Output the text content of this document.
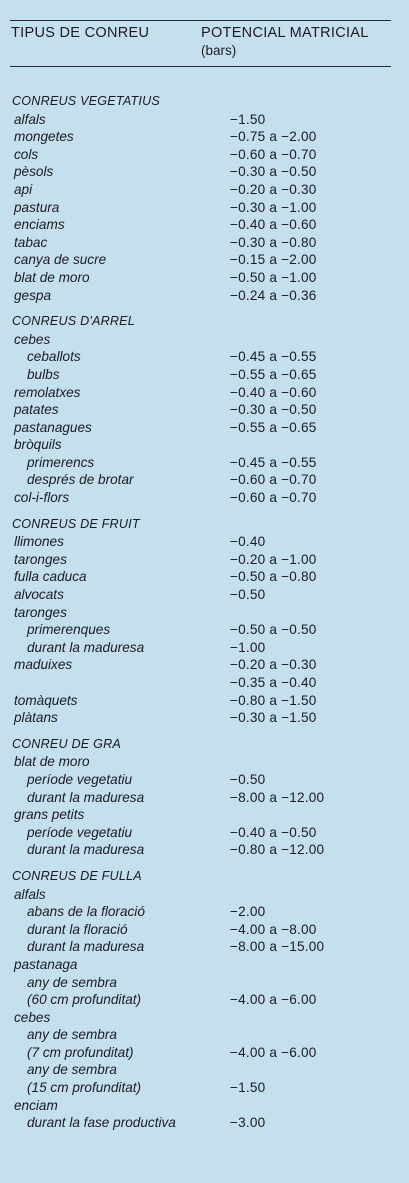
TIPUS DE CONREU	POTENCIAL MATRICIAL
(bars)
CONREUS VEGETATIUS
alfals	−1.50
mongetes	−0.75 a −2.00
cols	−0.60 a −0.70
pèsols	−0.30 a −0.50
api	−0.20 a −0.30
pastura	−0.30 a −1.00
enciams	−0.40 a −0.60
tabac	−0.30 a −0.80
canya de sucre	−0.15 a −2.00
blat de moro	−0.50 a −1.00
gespa	−0.24 a −0.36
CONREUS D'ARREL
cebes
ceballots	−0.45 a −0.55
bulbs	−0.55 a −0.65
remolatxes	−0.40 a −0.60
patates	−0.30 a −0.50
pastanagues	−0.55 a −0.65
bròquils
primerencs	−0.45 a −0.55
després de brotar	−0.60 a −0.70
col-i-flors	−0.60 a −0.70
CONREUS DE FRUIT
llimones	−0.40
taronges	−0.20 a −1.00
fulla caduca	−0.50 a −0.80
alvocats	−0.50
taronges
primerenques	−0.50 a −0.50
durant la maduresa	−1.00
maduixes	−0.20 a −0.30
−0.35 a −0.40
tomàquets	−0.80 a −1.50
plàtans	−0.30 a −1.50
CONREU DE GRA
blat de moro
període vegetatiu	−0.50
durant la maduresa	−8.00 a −12.00
grans petits
període vegetatiu	−0.40 a −0.50
durant la maduresa	−0.80 a −12.00
CONREUS DE FULLA
alfals
abans de la floració	−2.00
durant la floració	−4.00 a −8.00
durant la maduresa	−8.00 a −15.00
pastanaga
any de sembra
(60 cm profunditat)	−4.00 a −6.00
cebes
any de sembra
(7 cm profunditat)	−4.00 a −6.00
any de sembra
(15 cm profunditat)	−1.50
enciam
durant la fase productiva	−3.00
